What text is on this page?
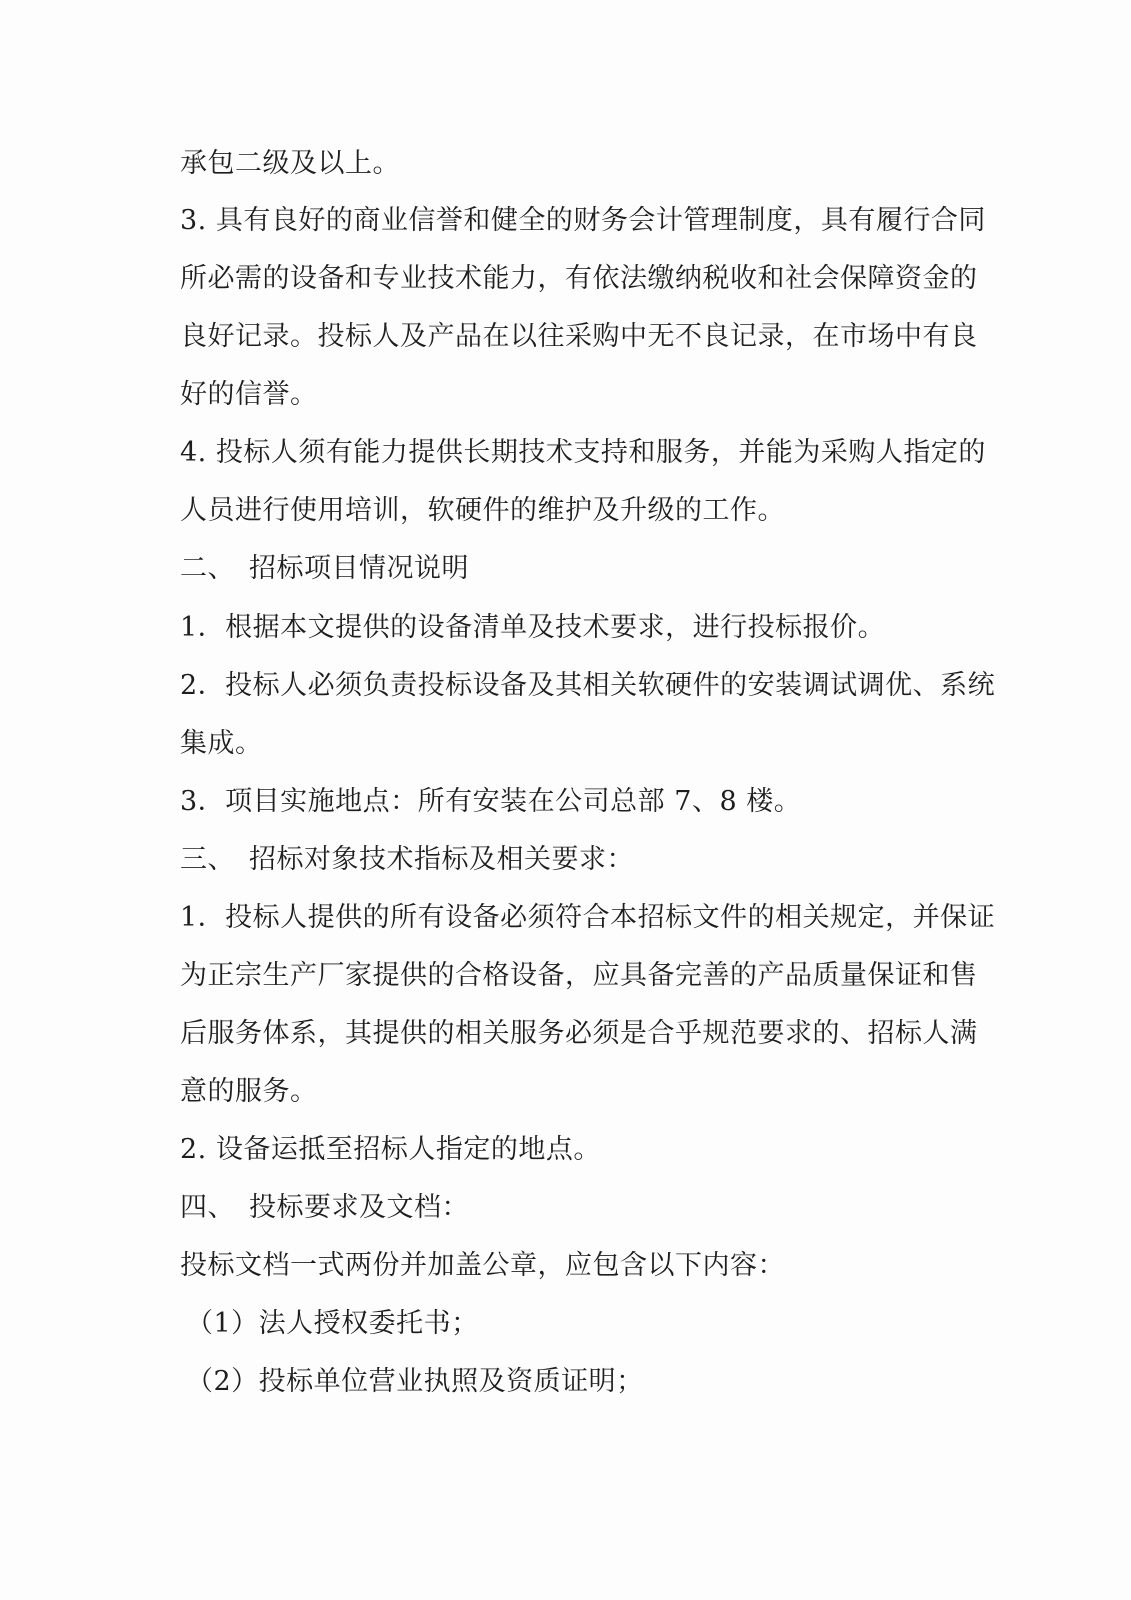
承包二级及以上。
3. 具有良好的商业信誉和健全的财务会计管理制度，具有履行合同
所必需的设备和专业技术能力，有依法缴纳税收和社会保障资金的
良好记录。投标人及产品在以往采购中无不良记录，在市场中有良
好的信誉。
4. 投标人须有能力提供长期技术支持和服务，并能为采购人指定的
人员进行使用培训，软硬件的维护及升级的工作。
二、　招标项目情况说明
1．根据本文提供的设备清单及技术要求，进行投标报价。
2．投标人必须负责投标设备及其相关软硬件的安装调试调优、系统
集成。
3．项目实施地点：所有安装在公司总部 7、8 楼。
三、　招标对象技术指标及相关要求：
1．投标人提供的所有设备必须符合本招标文件的相关规定，并保证
为正宗生产厂家提供的合格设备，应具备完善的产品质量保证和售
后服务体系，其提供的相关服务必须是合乎规范要求的、招标人满
意的服务。
2. 设备运抵至招标人指定的地点。
四、　投标要求及文档：
投标文档一式两份并加盖公章，应包含以下内容：
（1）法人授权委托书；
（2）投标单位营业执照及资质证明；
